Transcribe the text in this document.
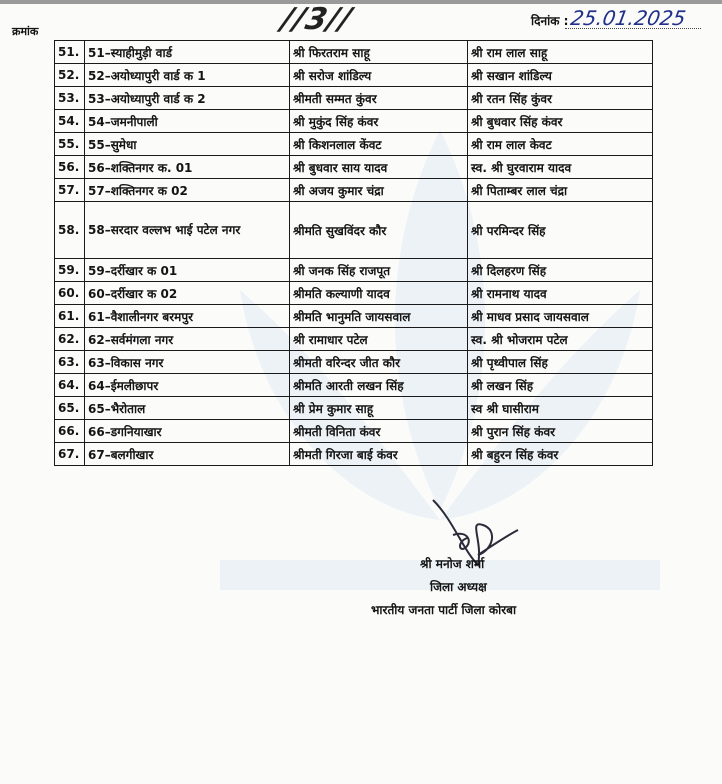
क्रमांक	//3//	दिनांक : 25.01.2025
51.	51–स्याहीमुड़ी वार्ड	श्री फिरतराम साहू	श्री राम लाल साहू
52.	52–अयोध्यापुरी वार्ड क 1	श्री सरोज शांडिल्य	श्री सखान शांडिल्य
53.	53–अयोध्यापुरी वार्ड क 2	श्रीमती सम्मत कुंवर	श्री रतन सिंह कुंवर
54.	54–जमनीपाली	श्री मुकुंद सिंह कंवर	श्री बुधवार सिंह कंवर
55.	55–सुमेधा	श्री किशनलाल केंवट	श्री राम लाल केवट
56.	56–शक्तिनगर क. 01	श्री बुधवार साय यादव	स्व. श्री घुरवाराम यादव
57.	57–शक्तिनगर क 02	श्री अजय कुमार चंद्रा	श्री पिताम्बर लाल चंद्रा
58.	58–सरदार वल्लभ भाई पटेल नगर	श्रीमति सुखविंदर कौर	श्री परमिन्दर सिंह
59.	59–दर्रीखार क 01	श्री जनक सिंह राजपूत	श्री दिलहरण सिंह
60.	60–दर्रीखार क 02	श्रीमति कल्याणी यादव	श्री रामनाथ यादव
61.	61–वैशालीनगर बरमपुर	श्रीमति भानुमति जायसवाल	श्री माधव प्रसाद जायसवाल
62.	62–सर्वमंगला नगर	श्री रामाधार पटेल	स्व. श्री भोजराम पटेल
63.	63–विकास नगर	श्रीमती वरिन्दर जीत कौर	श्री पृथ्वीपाल सिंह
64.	64–ईमलीछापर	श्रीमति आरती लखन सिंह	श्री लखन सिंह
65.	65–भैरोताल	श्री प्रेम कुमार साहू	स्व श्री घासीराम
66.	66–डगनियाखार	श्रीमती विनिता कंवर	श्री पुरान सिंह कंवर
67.	67–बलगीखार	श्रीमती गिरजा बाई कंवर	श्री बहुरन सिंह कंवर
श्री मनोज शर्मा
जिला अध्यक्ष
भारतीय जनता पार्टी जिला कोरबा
